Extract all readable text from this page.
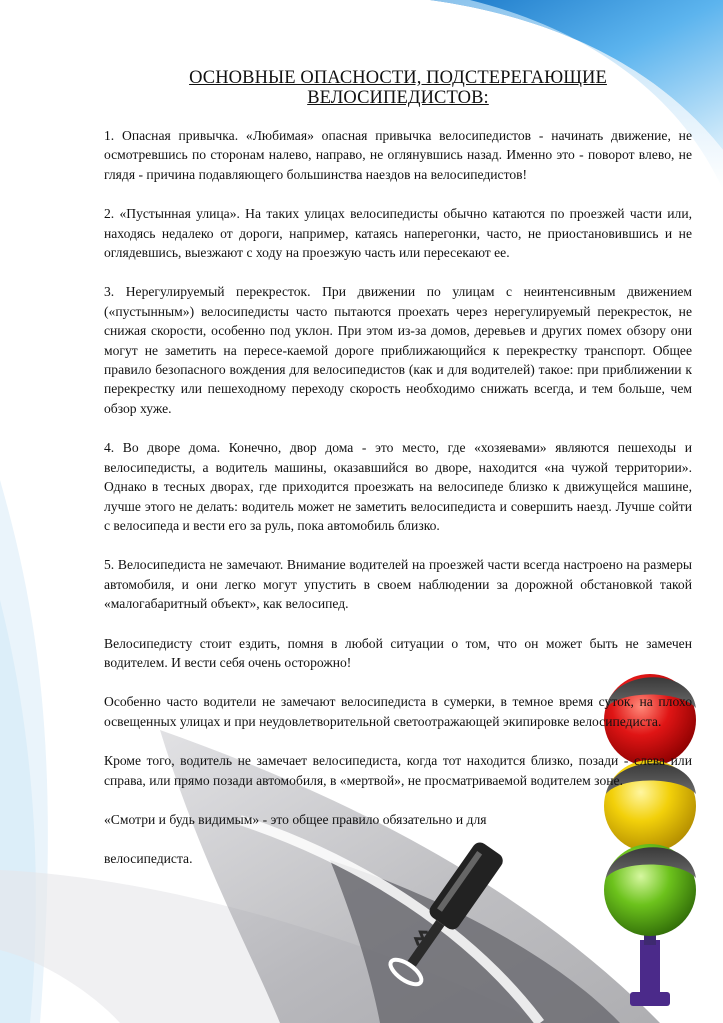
ОСНОВНЫЕ ОПАСНОСТИ, ПОДСТЕРЕГАЮЩИЕ ВЕЛОСИПЕДИСТОВ:

1. Опасная привычка. «Любимая» опасная привычка велосипедистов - начинать движение, не осмотревшись по сторонам налево, направо, не оглянувшись назад. Именно это - поворот влево, не глядя - причина подавляющего большинства наездов на велосипедистов!

2. «Пустынная улица». На таких улицах велосипедисты обычно катаются по проезжей части или, находясь недалеко от дороги, например, катаясь наперегонки, часто, не приостановившись и не оглядевшись, выезжают с ходу на проезжую часть или пересекают ее.

3. Нерегулируемый перекресток. При движении по улицам с неинтенсивным движением («пустынным») велосипедисты часто пытаются проехать через нерегулируемый перекресток, не снижая скорости, особенно под уклон. При этом из-за домов, деревьев и других помех обзору они могут не заметить на пересе-каемой дороге приближающийся к перекрестку транспорт. Общее правило безопасного вождения для велосипедистов (как и для водителей) такое: при приближении к перекрестку или пешеходному переходу скорость необходимо снижать всегда, и тем больше, чем обзор хуже.

4. Во дворе дома. Конечно, двор дома - это место, где «хозяевами» являются пешеходы и велосипедисты, а водитель машины, оказавшийся во дворе, находится «на чужой территории». Однако в тесных дворах, где приходится проезжать на велосипеде близко к движущейся машине, лучше этого не делать: водитель может не заметить велосипедиста и совершить наезд. Лучше сойти с велосипеда и вести его за руль, пока автомобиль близко.

5. Велосипедиста не замечают. Внимание водителей на проезжей части всегда настроено на размеры автомобиля, и они легко могут упустить в своем наблюдении за дорожной обстановкой такой «малогабаритный объект», как велосипед.

Велосипедисту стоит ездить, помня в любой ситуации о том, что он может быть не замечен водителем. И вести себя очень осторожно!

Особенно часто водители не замечают велосипедиста в сумерки, в темное время суток, на плохо освещенных улицах и при неудовлетворительной светоотражающей экипировке велосипедиста.

Кроме того, водитель не замечает велосипедиста, когда тот находится близко, позади - слева или справа, или прямо позади автомобиля, в «мертвой», не просматриваемой водителем зоне.

«Смотри и будь видимым» - это общее правило обязательно и для

велосипедиста.
